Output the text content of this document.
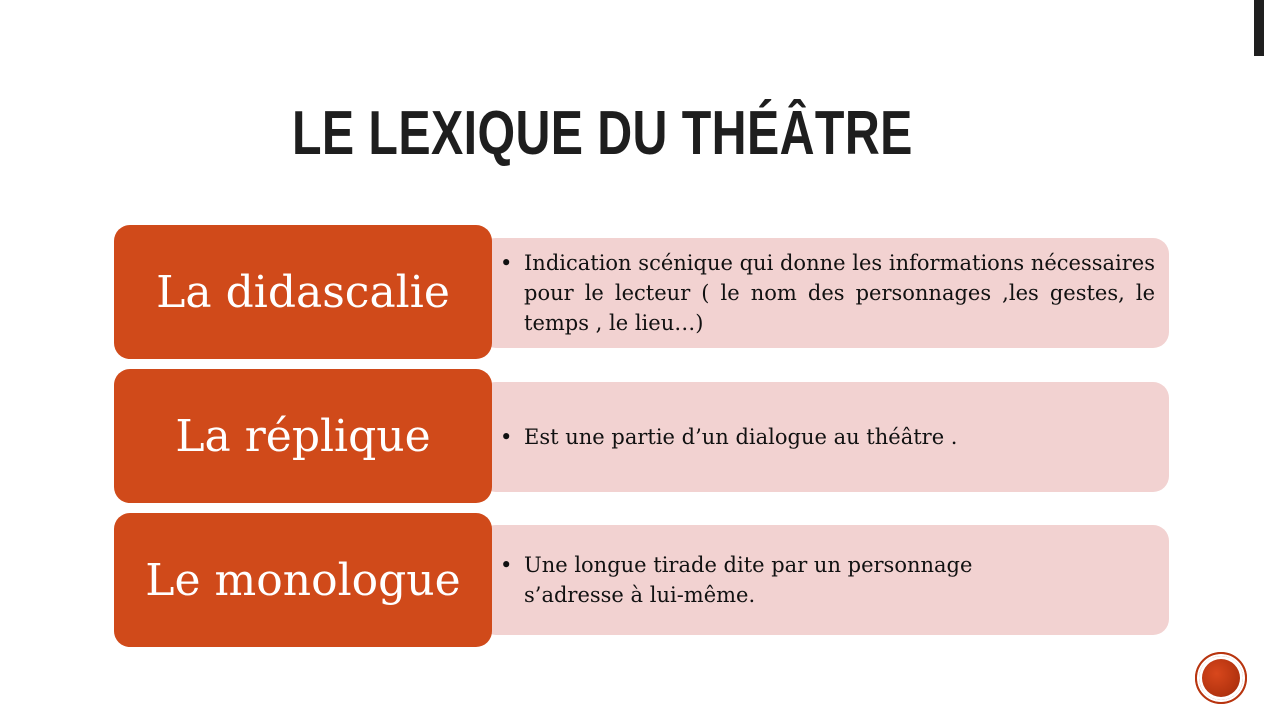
LE LEXIQUE DU THÉÂTRE
La didascalie
• Indication scénique qui donne les informations nécessaires pour le lecteur ( le nom des personnages ,les gestes, le temps , le lieu…)
La réplique	• Est une partie d’un dialogue au théâtre .
Le monologue	• Une longue tirade dite par un personnage s’adresse à lui-même.
